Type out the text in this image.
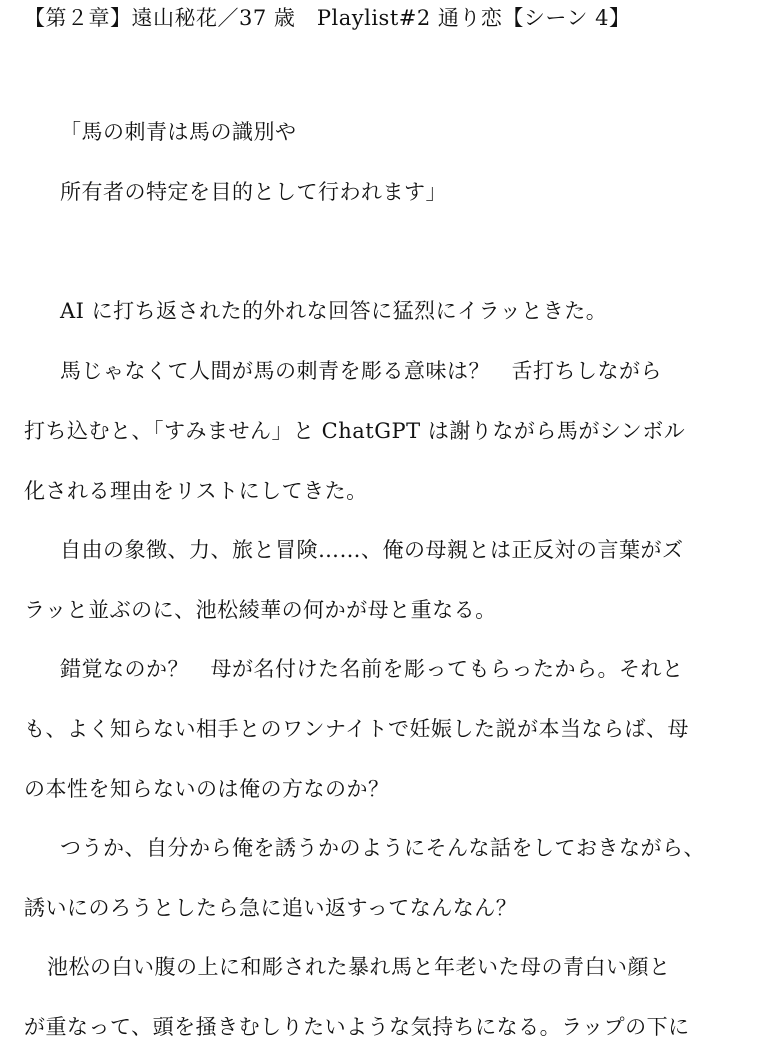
【第２章】遠山秘花／37 歳　Playlist#2 通り恋【シーン 4】
「馬の刺青は馬の識別や
所有者の特定を目的として行われます」
AI に打ち返された的外れな回答に猛烈にイラッときた。
馬じゃなくて人間が馬の刺青を彫る意味は？　舌打ちしながら
打ち込むと、「すみません」と ChatGPT は謝りながら馬がシンボル
化される理由をリストにしてきた。
自由の象徴、力、旅と冒険……、俺の母親とは正反対の言葉がズ
ラッと並ぶのに、池松綾華の何かが母と重なる。
錯覚なのか？　母が名付けた名前を彫ってもらったから。それと
も、よく知らない相手とのワンナイトで妊娠した説が本当ならば、母
の本性を知らないのは俺の方なのか？
つうか、自分から俺を誘うかのようにそんな話をしておきながら、
誘いにのろうとしたら急に追い返すってなんなん？
池松の白い腹の上に和彫された暴れ馬と年老いた母の青白い顔と
が重なって、頭を掻きむしりたいような気持ちになる。ラップの下に
